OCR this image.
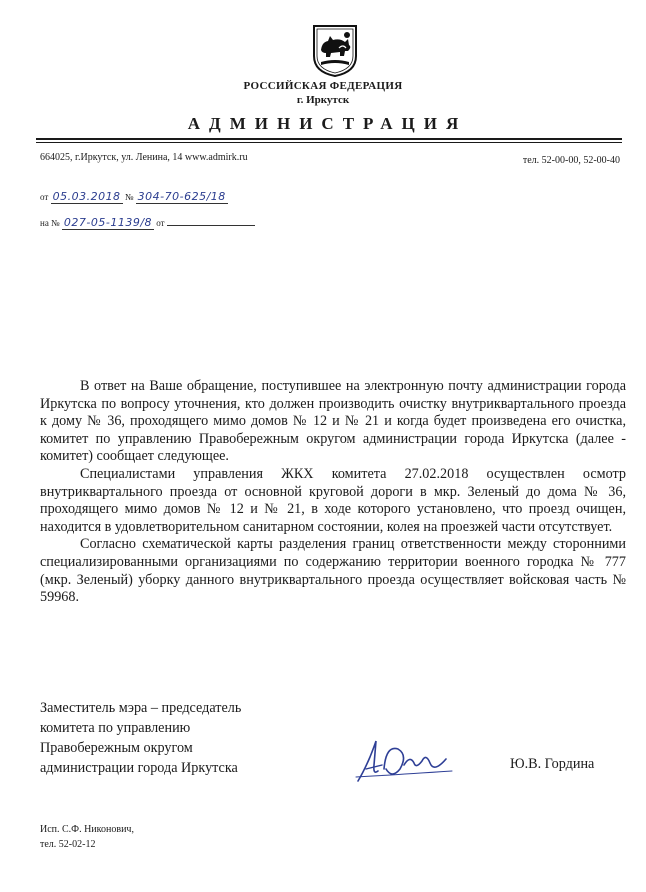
РОССИЙСКАЯ ФЕДЕРАЦИЯ
г. Иркутск
АДМИНИСТРАЦИЯ
664025, г.Иркутск, ул. Ленина, 14 www.admirk.ru	тел. 52-00-00, 52-00-40
от 05.03.2018 № 304-70-625/18
на № 027-05-1139/8 от

В ответ на Ваше обращение, поступившее на электронную почту администрации города Иркутска по вопросу уточнения, кто должен производить очистку внутриквартального проезда к дому № 36, проходящего мимо домов № 12 и № 21 и когда будет произведена его очистка, комитет по управлению Правобережным округом администрации города Иркутска (далее - комитет) сообщает следующее.

Специалистами управления ЖКХ комитета 27.02.2018 осуществлен осмотр внутриквартального проезда от основной круговой дороги в мкр. Зеленый до дома № 36, проходящего мимо домов № 12 и № 21, в ходе которого установлено, что проезд очищен, находится в удовлетворительном санитарном состоянии, колея на проезжей части отсутствует.

Согласно схематической карты разделения границ ответственности между сторонними специализированными организациями по содержанию территории военного городка № 777 (мкр. Зеленый) уборку данного внутриквартального проезда осуществляет войсковая часть № 59968.

Заместитель мэра – председатель
комитета по управлению
Правобережным округом
администрации города Иркутска	Ю.В. Гордина
Исп. С.Ф. Никонович,
тел. 52-02-12
